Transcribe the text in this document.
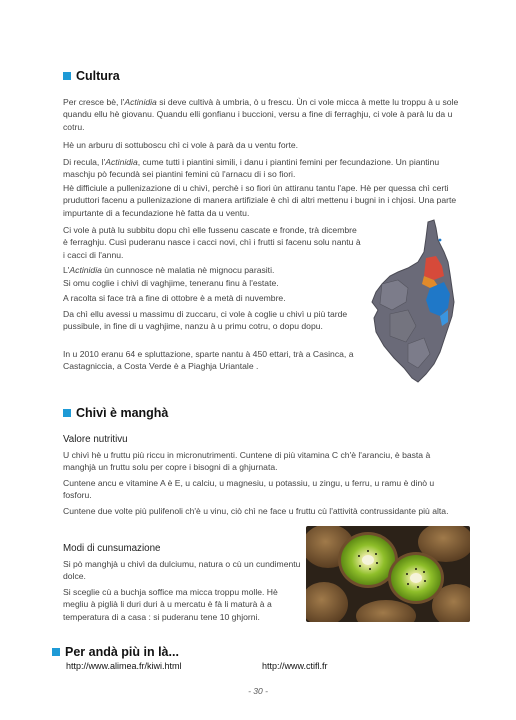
Cultura

Per cresce bè, l'Actinidia si deve cultivà à umbria, ò u frescu. Ùn ci vole micca à mette lu troppu à u sole quandu ellu hè giovanu. Quandu elli gonfianu i buccioni, versu a fine di ferraghju, ci vole à parà lu da u cotru.

Hè un arburu di sottuboscu chì ci vole à parà da u ventu forte.

Di recula, l'Actinidia, cume tutti i piantini simili, i danu i piantini femini per fecundazione. Un piantinu maschju pò fecundà sei piantini femini cù l'arnacu di i so fiori.

Hè difficiule a pullenizazione di u chivì, perchè i so fiori ùn attiranu tantu l'ape. Hè per quessa chì certi pruduttori facenu a pullenizazione di manera artifiziale è chì di altri mettenu i bugni in i chjosi. Una parte impurtante di a fecundazione hè fatta da u ventu.

Ci vole à putà lu subbitu dopu chì elle fussenu cascate e fronde, trà dicembre è ferraghju. Cusì puderanu nasce i cacci novi, chì i frutti si facenu solu nantu à i cacci di l'annu.

L'Actinidia ùn cunnosce nè malatia nè mignocu parasiti.

Si omu coglie i chivì di vaghjime, teneranu finu à l'estate.

A racolta si face trà a fine di ottobre è a metà di nuvembre.

Da chì ellu avessi u massimu di zuccaru, ci vole à coglie u chivì u più tarde pussibule, in fine di u vaghjime, nanzu à u primu cotru, o dopu dopu.

In u 2010 eranu 64 e spluttazione, sparte nantu à 450 ettari, trà a Casinca, a Castagniccia, a Costa Verde è a Piaghja Uriantale .

Chivì è manghà
Valore nutritivu

U chivì hè u fruttu più riccu in micronutrimenti. Cuntene di più vitamina C ch'è l'aranciu, è basta à manghjà un fruttu solu per copre i bisogni di a ghjurnata.

Cuntene ancu e vitamine A è E, u calciu, u magnesiu, u potassiu, u zingu, u ferru, u ramu è dinò u fosforu.

Cuntene due volte più pulifenoli ch'è u vinu, ciò chì ne face u fruttu cù l'attività contrussidante più alta.

Modi di cunsumazione

Si pò manghjà u chivì da dulciumu, natura o cù un cundimentu dolce.

Si sceglie cù a buchja soffice ma micca troppu molle. Hè megliu à piglià li duri duri à u mercatu è fà li maturà à a temperatura di a casa : si puderanu tene 10 ghjorni.

Per andà più in là...
http://www.alimea.fr/kiwi.html	http://www.ctifl.fr
- 30 -
